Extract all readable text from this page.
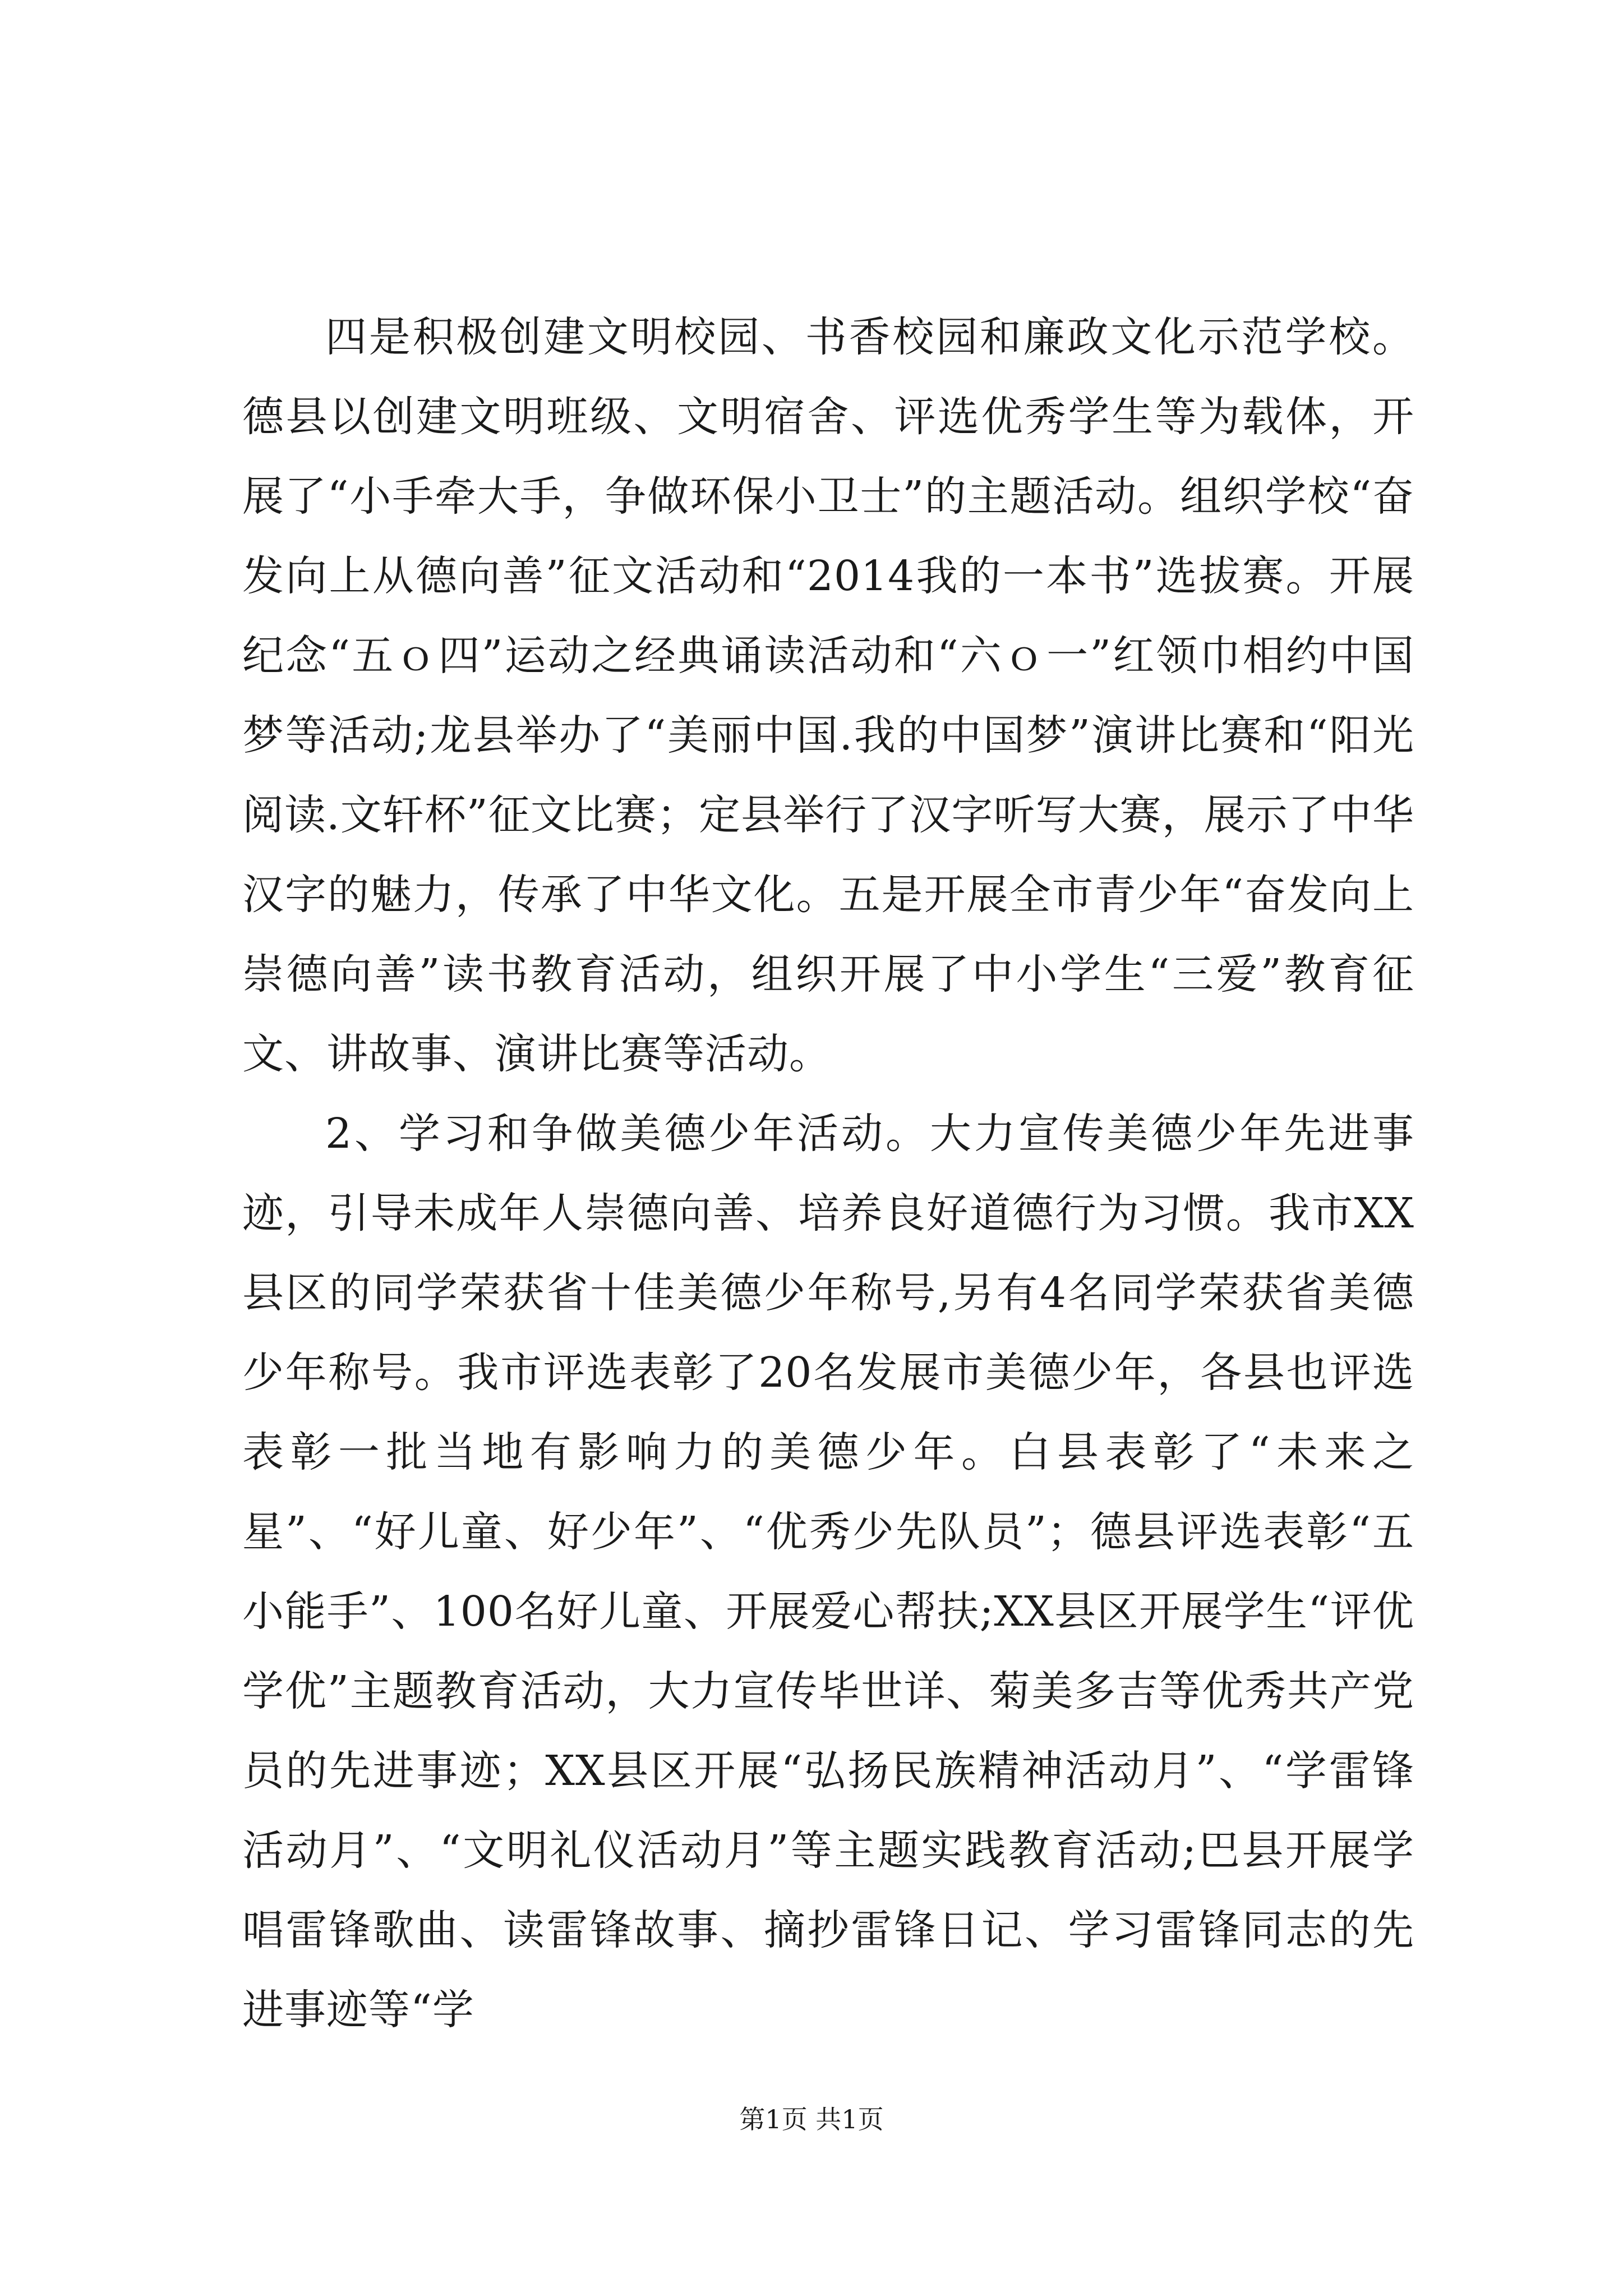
四是积极创建文明校园、书香校园和廉政文化示范学校。德县以创建文明班级、文明宿舍、评选优秀学生等为载体，开展了“小手牵大手，争做环保小卫士”的主题活动。组织学校“奋发向上从德向善”征文活动和“2014我的一本书”选拔赛。开展纪念“五ｏ四”运动之经典诵读活动和“六ｏ一”红领巾相约中国梦等活动;龙县举办了“美丽中国.我的中国梦”演讲比赛和“阳光阅读.文轩杯”征文比赛；定县举行了汉字听写大赛，展示了中华汉字的魅力，传承了中华文化。五是开展全市青少年“奋发向上崇德向善”读书教育活动，组织开展了中小学生“三爱”教育征文、讲故事、演讲比赛等活动。

2、学习和争做美德少年活动。大力宣传美德少年先进事迹，引导未成年人崇德向善、培养良好道德行为习惯。我市XX县区的同学荣获省十佳美德少年称号,另有4名同学荣获省美德少年称号。我市评选表彰了20名发展市美德少年，各县也评选表彰一批当地有影响力的美德少年。白县表彰了“未来之星”、“好儿童、好少年”、“优秀少先队员”；德县评选表彰“五小能手”、100名好儿童、开展爱心帮扶;XX县区开展学生“评优学优”主题教育活动，大力宣传毕世详、菊美多吉等优秀共产党员的先进事迹；XX县区开展“弘扬民族精神活动月”、“学雷锋活动月”、“文明礼仪活动月”等主题实践教育活动;巴县开展学唱雷锋歌曲、读雷锋故事、摘抄雷锋日记、学习雷锋同志的先进事迹等“学

第1页 共1页
